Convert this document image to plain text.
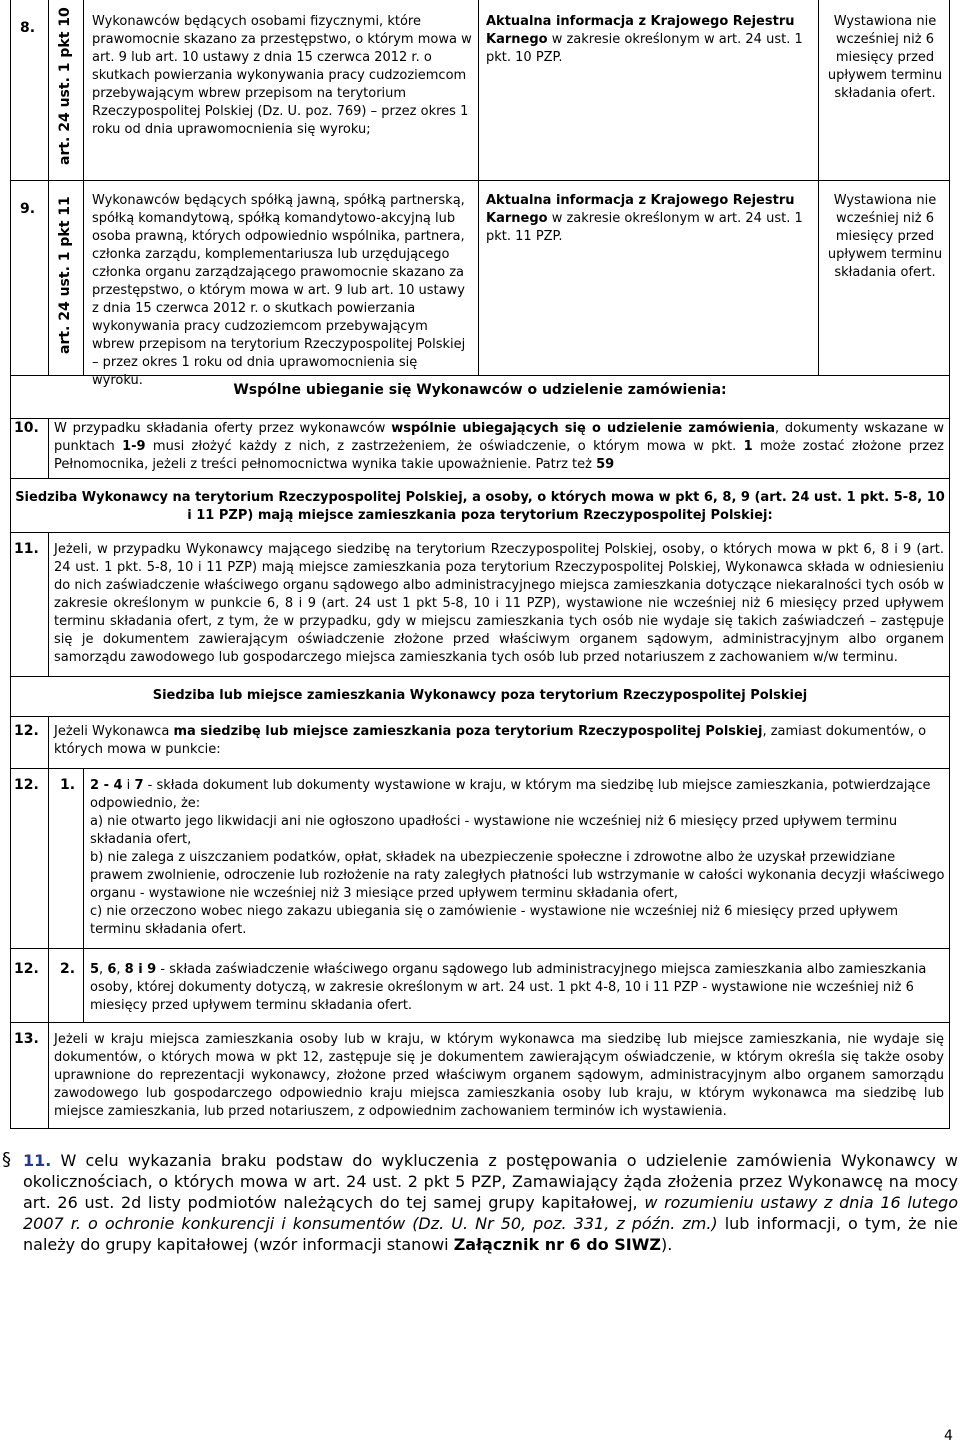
8. art. 24 ust. 1 pkt 10 Wykonawców będących osobami fizycznymi, które prawomocnie skazano za przestępstwo, o którym mowa w art. 9 lub art. 10 ustawy z dnia 15 czerwca 2012 r. o skutkach powierzania wykonywania pracy cudzoziemcom przebywającym wbrew przepisom na terytorium Rzeczypospolitej Polskiej (Dz. U. poz. 769) – przez okres 1 roku od dnia uprawomocnienia się wyroku;
Aktualna informacja z Krajowego Rejestru Karnego w zakresie określonym w art. 24 ust. 1 pkt. 10 PZP.
Wystawiona nie wcześniej niż 6 miesięcy przed upływem terminu składania ofert.
9. art. 24 ust. 1 pkt 11 Wykonawców będących spółką jawną, spółką partnerską, spółką komandytową, spółką komandytowo-akcyjną lub osoba prawną, których odpowiednio wspólnika, partnera, członka zarządu, komplementariusza lub urzędującego członka organu zarządzającego prawomocnie skazano za przestępstwo, o którym mowa w art. 9 lub art. 10 ustawy z dnia 15 czerwca 2012 r. o skutkach powierzania wykonywania pracy cudzoziemcom przebywającym wbrew przepisom na terytorium Rzeczypospolitej Polskiej – przez okres 1 roku od dnia uprawomocnienia się wyroku.
Aktualna informacja z Krajowego Rejestru Karnego w zakresie określonym w art. 24 ust. 1 pkt. 11 PZP.
Wystawiona nie wcześniej niż 6 miesięcy przed upływem terminu składania ofert.
Wspólne ubieganie się Wykonawców o udzielenie zamówienia:
10. W przypadku składania oferty przez wykonawców wspólnie ubiegających się o udzielenie zamówienia, dokumenty wskazane w punktach 1-9 musi złożyć każdy z nich, z zastrzeżeniem, że oświadczenie, o którym mowa w pkt. 1 może zostać złożone przez Pełnomocnika, jeżeli z treści pełnomocnictwa wynika takie upoważnienie. Patrz też 59
Siedziba Wykonawcy na terytorium Rzeczypospolitej Polskiej, a osoby, o których mowa w pkt 6, 8, 9 (art. 24 ust. 1 pkt. 5-8, 10 i 11 PZP) mają miejsce zamieszkania poza terytorium Rzeczypospolitej Polskiej:
11. Jeżeli, w przypadku Wykonawcy mającego siedzibę na terytorium Rzeczypospolitej Polskiej, osoby, o których mowa w pkt 6, 8 i 9 (art. 24 ust. 1 pkt. 5-8, 10 i 11 PZP) mają miejsce zamieszkania poza terytorium Rzeczypospolitej Polskiej, Wykonawca składa w odniesieniu do nich zaświadczenie właściwego organu sądowego albo administracyjnego miejsca zamieszkania dotyczące niekaralności tych osób w zakresie określonym w punkcie 6, 8 i 9 (art. 24 ust 1 pkt 5-8, 10 i 11 PZP), wystawione nie wcześniej niż 6 miesięcy przed upływem terminu składania ofert, z tym, że w przypadku, gdy w miejscu zamieszkania tych osób nie wydaje się takich zaświadczeń – zastępuje się je dokumentem zawierającym oświadczenie złożone przed właściwym organem sądowym, administracyjnym albo organem samorządu zawodowego lub gospodarczego miejsca zamieszkania tych osób lub przed notariuszem z zachowaniem w/w terminu.
Siedziba lub miejsce zamieszkania Wykonawcy poza terytorium Rzeczypospolitej Polskiej
12. Jeżeli Wykonawca ma siedzibę lub miejsce zamieszkania poza terytorium Rzeczypospolitej Polskiej, zamiast dokumentów, o których mowa w punkcie:
12. 1. 2 - 4 i 7 - składa dokument lub dokumenty wystawione w kraju, w którym ma siedzibę lub miejsce zamieszkania, potwierdzające odpowiednio, że:

a) nie otwarto jego likwidacji ani nie ogłoszono upadłości - wystawione nie wcześniej niż 6 miesięcy przed upływem terminu składania ofert,

b) nie zalega z uiszczaniem podatków, opłat, składek na ubezpieczenie społeczne i zdrowotne albo że uzyskał przewidziane prawem zwolnienie, odroczenie lub rozłożenie na raty zaległych płatności lub wstrzymanie w całości wykonania decyzji właściwego organu - wystawione nie wcześniej niż 3 miesiące przed upływem terminu składania ofert,

c) nie orzeczono wobec niego zakazu ubiegania się o zamówienie - wystawione nie wcześniej niż 6 miesięcy przed upływem terminu składania ofert.

12. 2. 5, 6, 8 i 9 - składa zaświadczenie właściwego organu sądowego lub administracyjnego miejsca zamieszkania albo zamieszkania osoby, której dokumenty dotyczą, w zakresie określonym w art. 24 ust. 1 pkt 4-8, 10 i 11 PZP - wystawione nie wcześniej niż 6 miesięcy przed upływem terminu składania ofert.
13. Jeżeli w kraju miejsca zamieszkania osoby lub w kraju, w którym wykonawca ma siedzibę lub miejsce zamieszkania, nie wydaje się dokumentów, o których mowa w pkt 12, zastępuje się je dokumentem zawierającym oświadczenie, w którym określa się także osoby uprawnione do reprezentacji wykonawcy, złożone przed właściwym organem sądowym, administracyjnym albo organem samorządu zawodowego lub gospodarczego odpowiednio kraju miejsca zamieszkania osoby lub kraju, w którym wykonawca ma siedzibę lub miejsce zamieszkania, lub przed notariuszem, z odpowiednim zachowaniem terminów ich wystawienia.
§ 11. W celu wykazania braku podstaw do wykluczenia z postępowania o udzielenie zamówienia Wykonawcy w okolicznościach, o których mowa w art. 24 ust. 2 pkt 5 PZP, Zamawiający żąda złożenia przez Wykonawcę na mocy art. 26 ust. 2d listy podmiotów należących do tej samej grupy kapitałowej, w rozumieniu ustawy z dnia 16 lutego 2007 r. o ochronie konkurencji i konsumentów (Dz. U. Nr 50, poz. 331, z późn. zm.) lub informacji, o tym, że nie należy do grupy kapitałowej (wzór informacji stanowi Załącznik nr 6 do SIWZ).
4
